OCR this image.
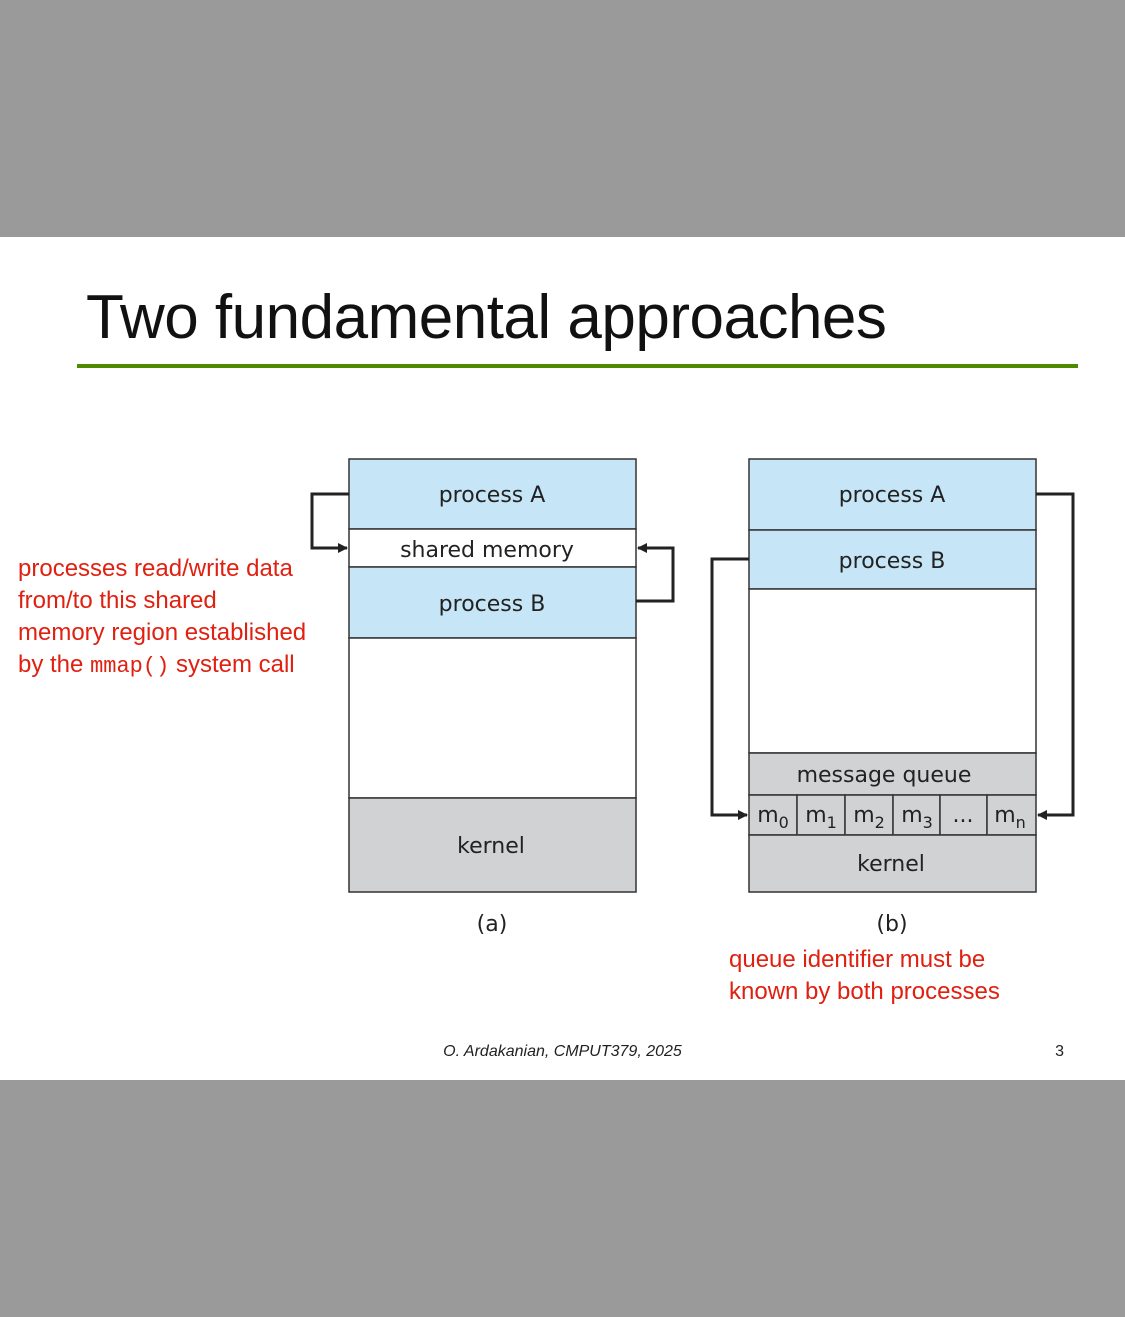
Two fundamental approaches
process A
shared memory
process B
kernel
(a)
process A
process B
message queue
$m_0$ $m_1$ $m_2$ $m_3$ ... $m_n$
kernel
(b)
processes read/write data
from/to this shared
memory region established
by the mmap() system call
queue identifier must be
known by both processes
O. Ardakanian, CMPUT379, 2025	3
